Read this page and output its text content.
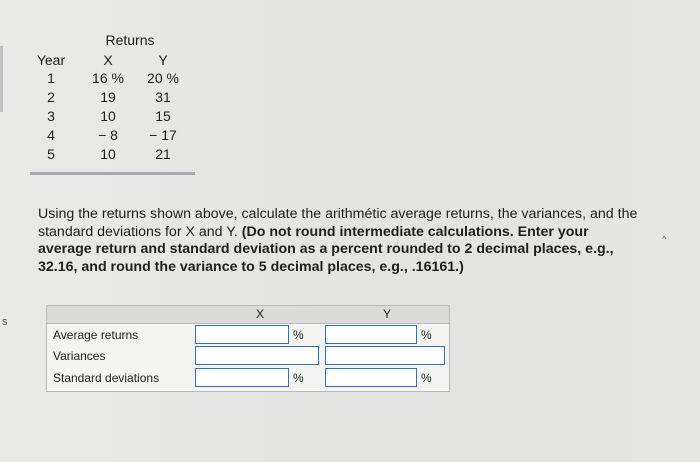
Returns
Year	X	Y
1	16 %	20 %
2	19	31
3	10	15
4	− 8	− 17
5	10	21
Using the returns shown above, calculate the arithmétic average returns, the variances, and the standard deviations for X and Y. (Do not round intermediate calculations. Enter your average return and standard deviation as a percent rounded to 2 decimal places, e.g., 32.16, and round the variance to 5 decimal places, e.g., .16161.)
s
^
X	Y
Average returns	%	%
Variances
Standard deviations	%	%
